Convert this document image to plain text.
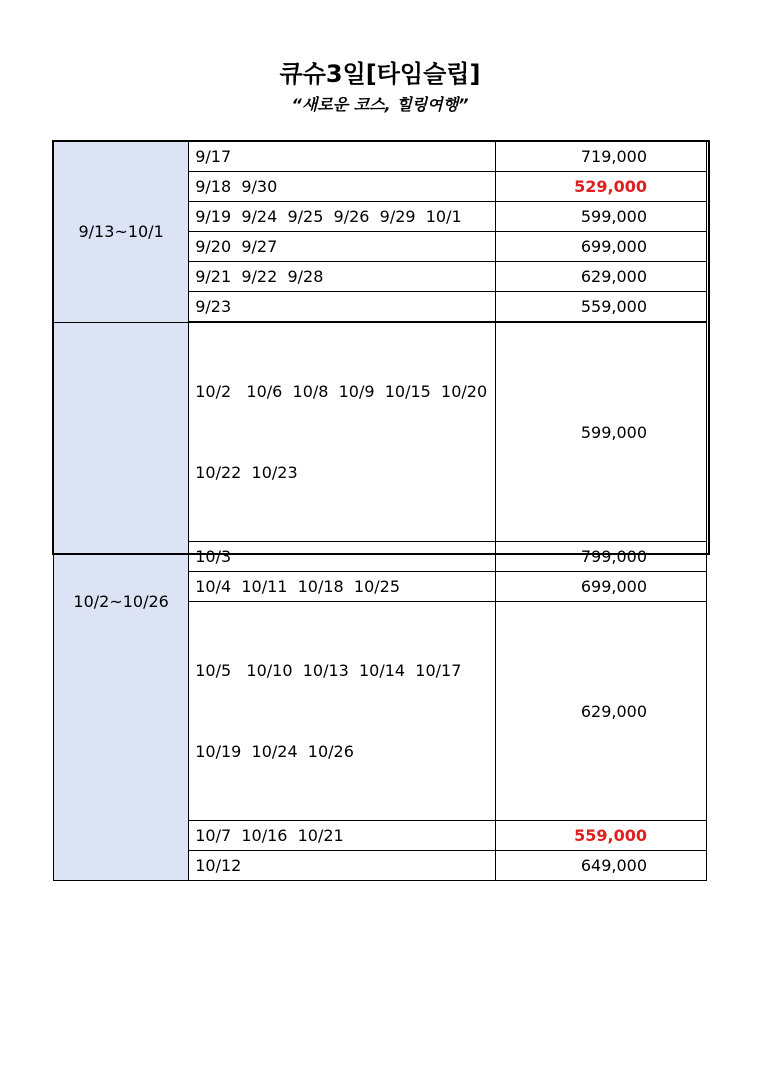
큐슈3일[타임슬립]
“새로운 코스, 힐링여행”
9/13~10/1	9/17	719,000
	9/18  9/30	529,000
	9/19  9/24  9/25  9/26  9/29  10/1	599,000
	9/20  9/27	699,000
	9/21  9/22  9/28	629,000
	9/23	559,000
10/2~10/26	10/2   10/6  10/8  10/9  10/15  10/20

10/22  10/23	599,000
	10/3	799,000
	10/4  10/11  10/18  10/25	699,000

	10/5   10/10  10/13  10/14  10/17

10/19  10/24  10/26	629,000
	10/7  10/16  10/21	559,000
	10/12	649,000
